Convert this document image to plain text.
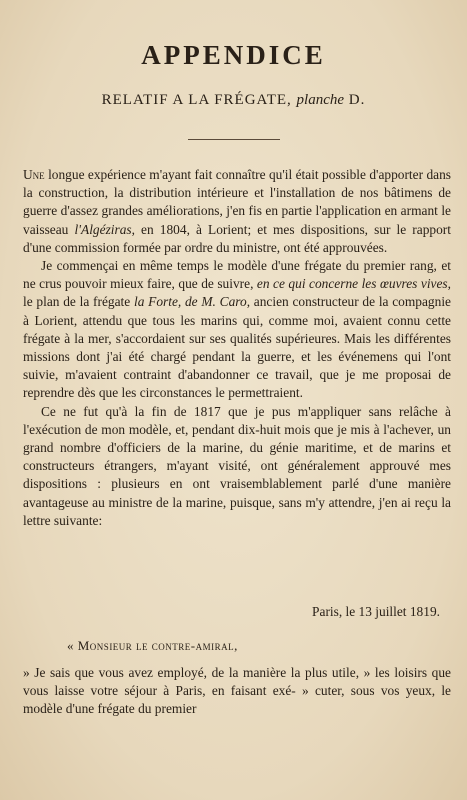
APPENDICE
RELATIF A LA FRÉGATE, planche D.

Une longue expérience m'ayant fait connaître qu'il était possible d'apporter dans la construction, la distribution intérieure et l'installation de nos bâtimens de guerre d'assez grandes améliorations, j'en fis en partie l'application en armant le vaisseau l'Algéziras, en 1804, à Lorient; et mes dispositions, sur le rapport d'une commission formée par ordre du ministre, ont été approuvées.

Je commençai en même temps le modèle d'une frégate du premier rang, et ne crus pouvoir mieux faire, que de suivre, en ce qui concerne les œuvres vives, le plan de la frégate la Forte, de M. Caro, ancien constructeur de la compagnie à Lorient, attendu que tous les marins qui, comme moi, avaient connu cette frégate à la mer, s'accordaient sur ses qualités supérieures. Mais les différentes missions dont j'ai été chargé pendant la guerre, et les événemens qui l'ont suivie, m'avaient contraint d'abandonner ce travail, que je me proposai de reprendre dès que les circonstances le permettraient.

Ce ne fut qu'à la fin de 1817 que je pus m'appliquer sans relâche à l'exécution de mon modèle, et, pendant dix-huit mois que je mis à l'achever, un grand nombre d'officiers de la marine, du génie maritime, et de marins et constructeurs étrangers, m'ayant visité, ont généralement approuvé mes dispositions : plusieurs en ont vraisemblablement parlé d'une manière avantageuse au ministre de la marine, puisque, sans m'y attendre, j'en ai reçu la lettre suivante:

Paris, le 13 juillet 1819.
« Monsieur le contre-amiral,

» Je sais que vous avez employé, de la manière la plus utile, » les loisirs que vous laisse votre séjour à Paris, en faisant exé- » cuter, sous vos yeux, le modèle d'une frégate du premier
